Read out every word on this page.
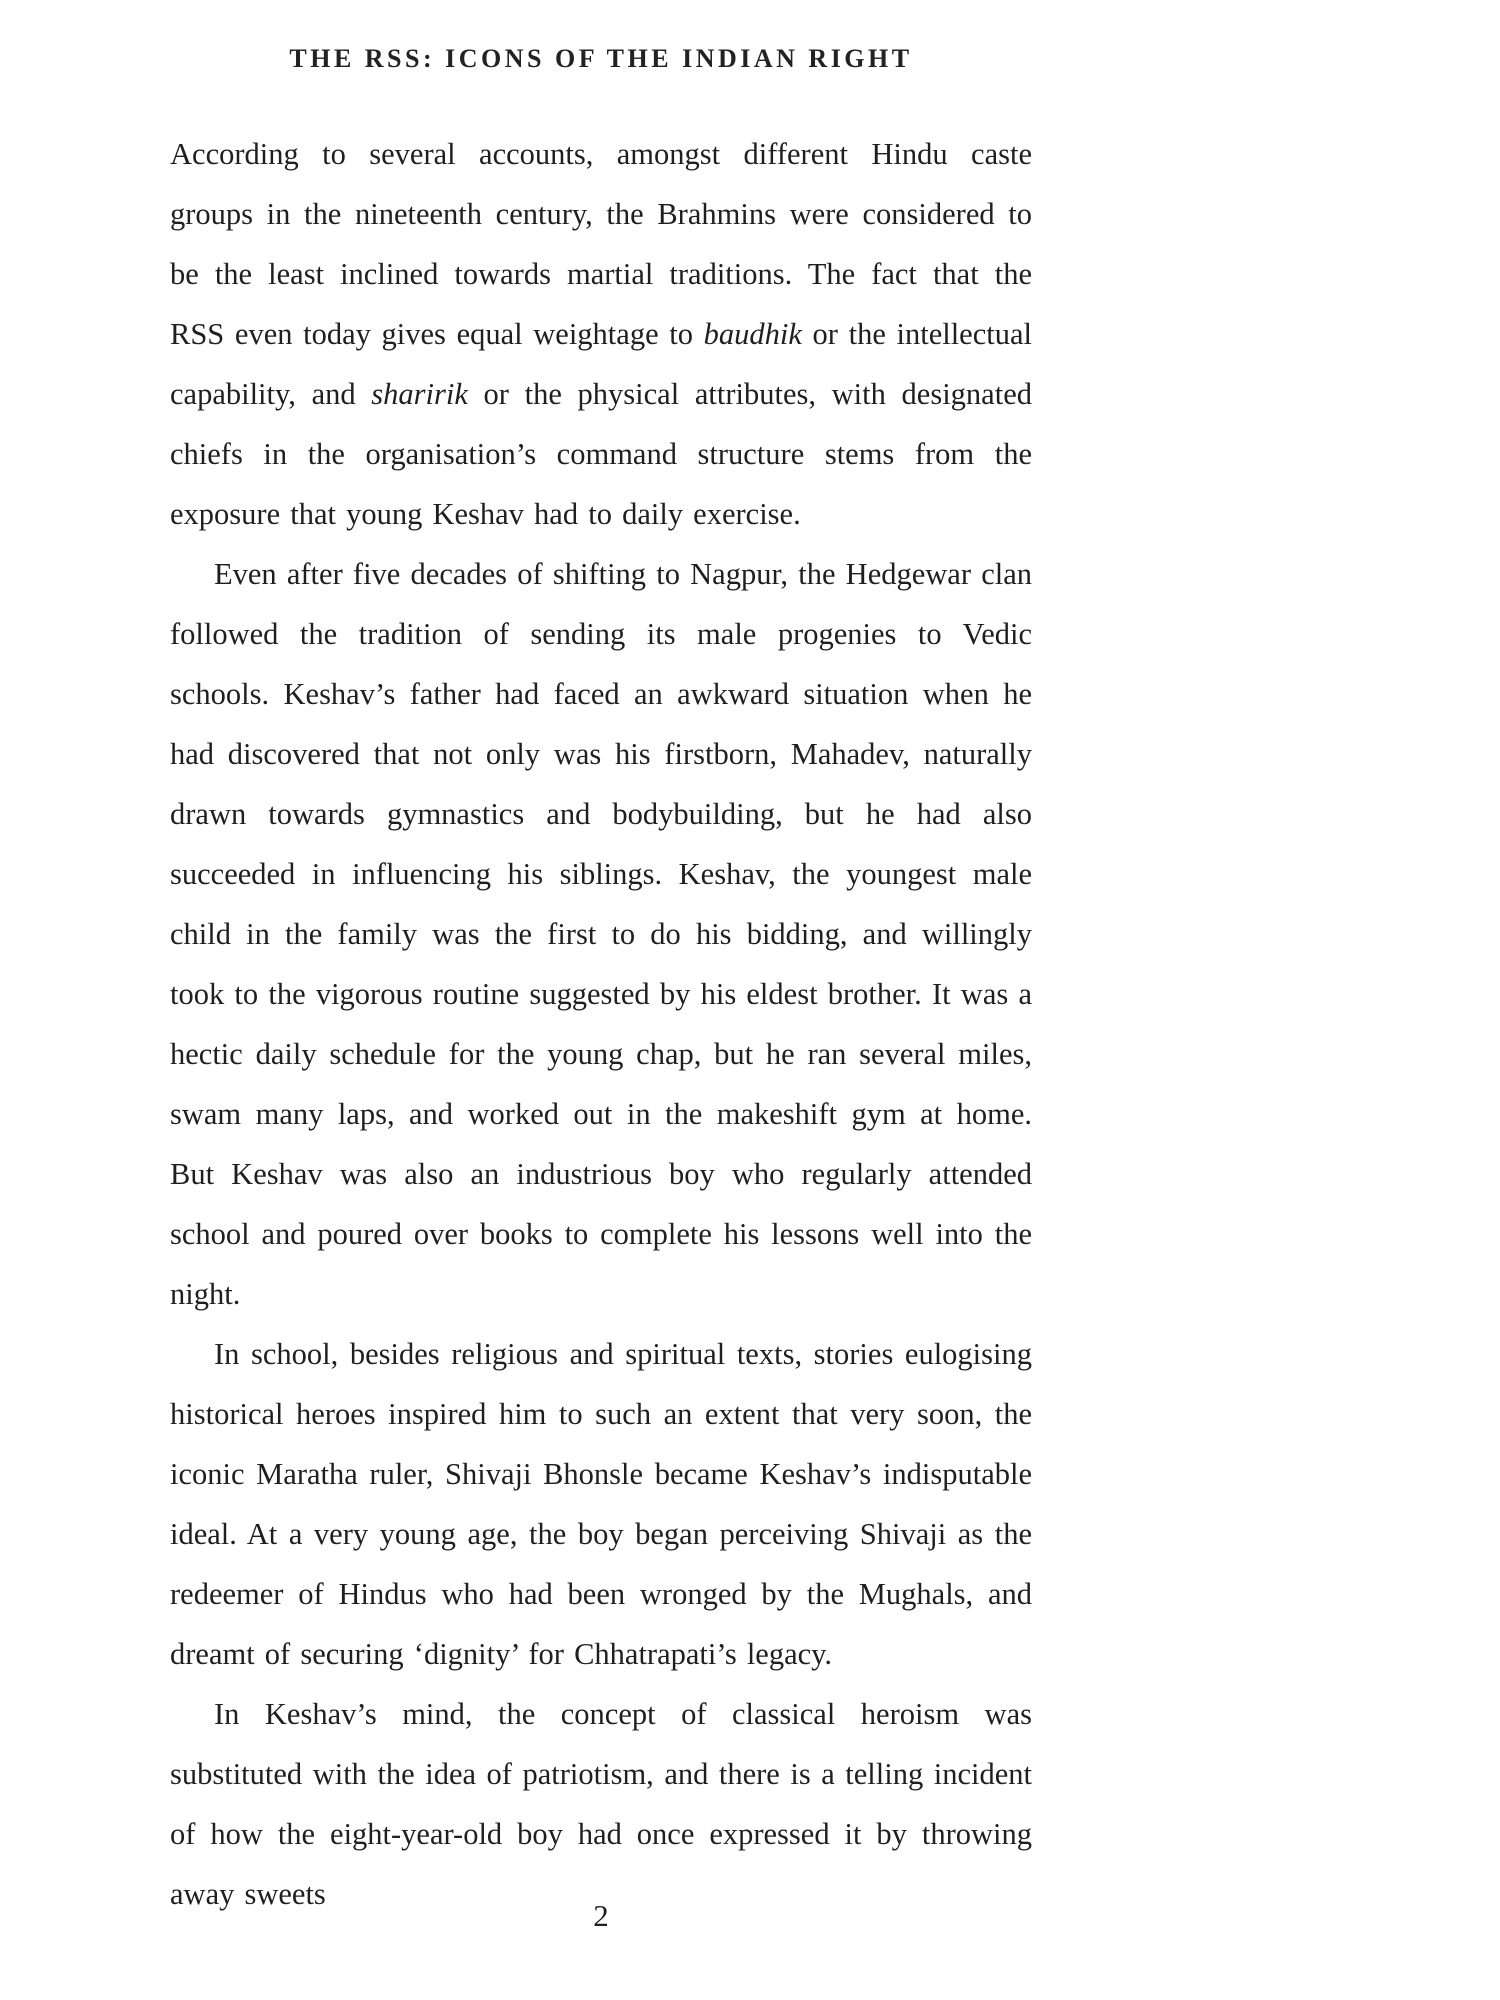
THE RSS: ICONS OF THE INDIAN RIGHT

According to several accounts, amongst different Hindu caste groups in the nineteenth century, the Brahmins were considered to be the least inclined towards martial traditions. The fact that the RSS even today gives equal weightage to baudhik or the intellectual capability, and sharirik or the physical attributes, with designated chiefs in the organisation’s command structure stems from the exposure that young Keshav had to daily exercise.

Even after five decades of shifting to Nagpur, the Hedgewar clan followed the tradition of sending its male progenies to Vedic schools. Keshav’s father had faced an awkward situation when he had discovered that not only was his firstborn, Mahadev, naturally drawn towards gymnastics and bodybuilding, but he had also succeeded in influencing his siblings. Keshav, the youngest male child in the family was the first to do his bidding, and willingly took to the vigorous routine suggested by his eldest brother. It was a hectic daily schedule for the young chap, but he ran several miles, swam many laps, and worked out in the makeshift gym at home. But Keshav was also an industrious boy who regularly attended school and poured over books to complete his lessons well into the night.

In school, besides religious and spiritual texts, stories eulogising historical heroes inspired him to such an extent that very soon, the iconic Maratha ruler, Shivaji Bhonsle became Keshav’s indisputable ideal. At a very young age, the boy began perceiving Shivaji as the redeemer of Hindus who had been wronged by the Mughals, and dreamt of securing ‘dignity’ for Chhatrapati’s legacy.

In Keshav’s mind, the concept of classical heroism was substituted with the idea of patriotism, and there is a telling incident of how the eight-year-old boy had once expressed it by throwing away sweets

2
